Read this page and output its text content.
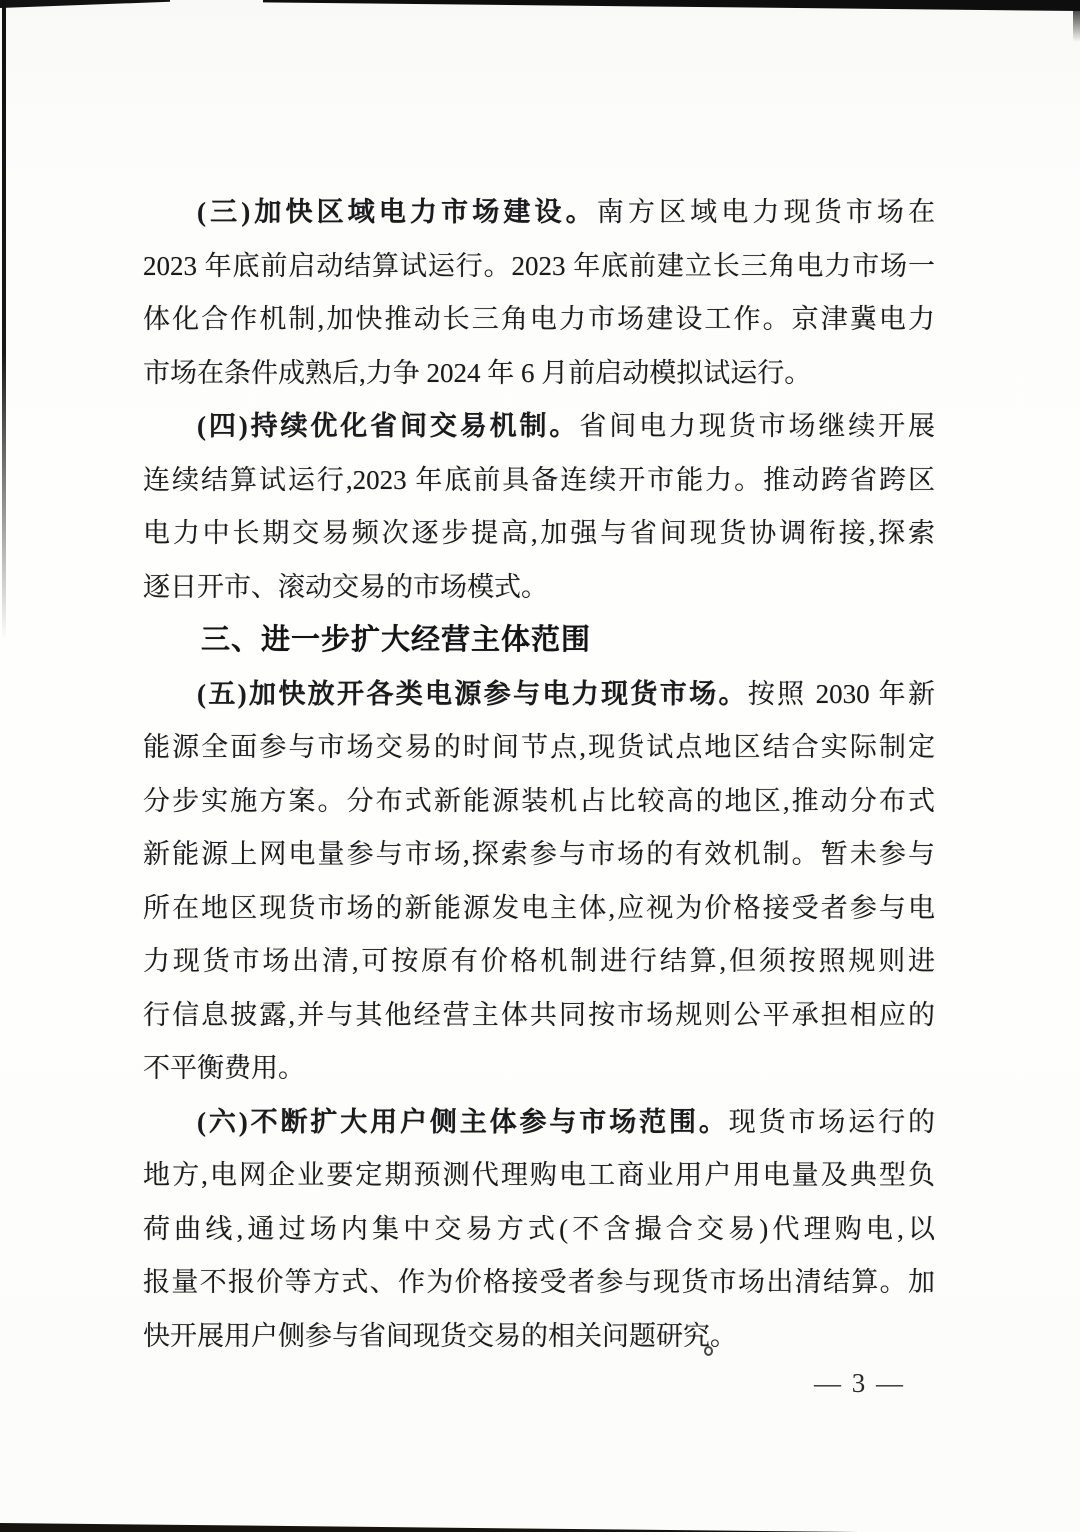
(三)加快区域电力市场建设。南方区域电力现货市场在

2023 年底前启动结算试运行。2023 年底前建立长三角电力市场一

体化合作机制,加快推动长三角电力市场建设工作。京津冀电力

市场在条件成熟后,力争 2024 年 6 月前启动模拟试运行。

(四)持续优化省间交易机制。省间电力现货市场继续开展

连续结算试运行,2023 年底前具备连续开市能力。推动跨省跨区

电力中长期交易频次逐步提高,加强与省间现货协调衔接,探索

逐日开市、滚动交易的市场模式。

三、进一步扩大经营主体范围

(五)加快放开各类电源参与电力现货市场。按照 2030 年新

能源全面参与市场交易的时间节点,现货试点地区结合实际制定

分步实施方案。分布式新能源装机占比较高的地区,推动分布式

新能源上网电量参与市场,探索参与市场的有效机制。暂未参与

所在地区现货市场的新能源发电主体,应视为价格接受者参与电

力现货市场出清,可按原有价格机制进行结算,但须按照规则进

行信息披露,并与其他经营主体共同按市场规则公平承担相应的

不平衡费用。

(六)不断扩大用户侧主体参与市场范围。现货市场运行的

地方,电网企业要定期预测代理购电工商业用户用电量及典型负

荷曲线,通过场内集中交易方式(不含撮合交易)代理购电,以

报量不报价等方式、作为价格接受者参与现货市场出清结算。加

快开展用户侧参与省间现货交易的相关问题研究。

— 3 —
